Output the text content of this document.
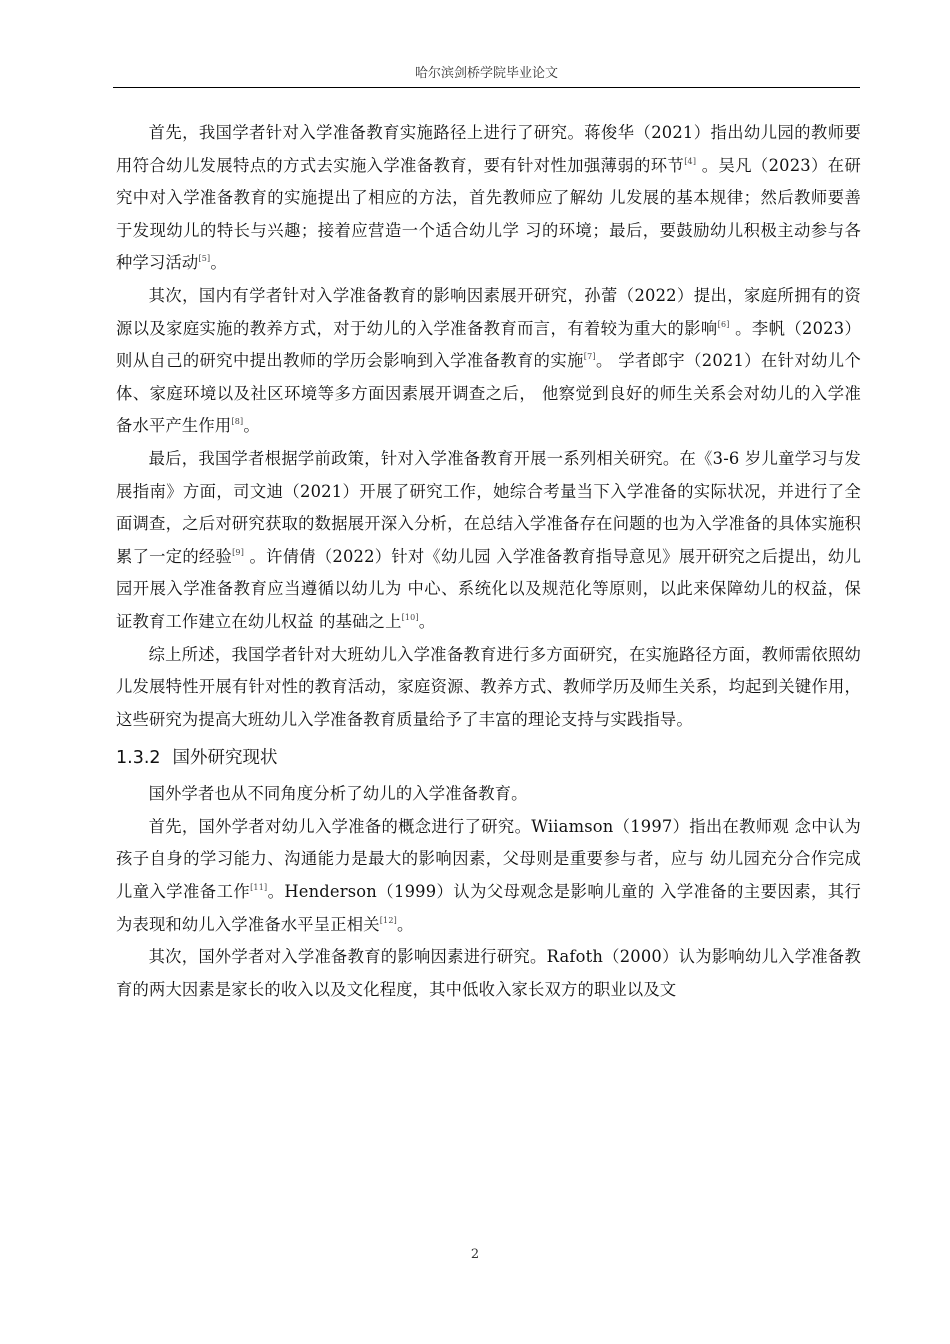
哈尔滨剑桥学院毕业论文

首先，我国学者针对入学准备教育实施路径上进行了研究。蒋俊华（2021）指出幼儿园的教师要用符合幼儿发展特点的方式去实施入学准备教育，要有针对性加强薄弱的环节[4] 。吴凡（2023）在研究中对入学准备教育的实施提出了相应的方法，首先教师应了解幼 儿发展的基本规律；然后教师要善于发现幼儿的特长与兴趣；接着应营造一个适合幼儿学 习的环境；最后，要鼓励幼儿积极主动参与各种学习活动[5]。

其次，国内有学者针对入学准备教育的影响因素展开研究，孙蕾（2022）提出，家庭所拥有的资源以及家庭实施的教养方式，对于幼儿的入学准备教育而言，有着较为重大的影响[6] 。李帆（2023）则从自己的研究中提出教师的学历会影响到入学准备教育的实施[7]。 学者郎宇（2021）在针对幼儿个体、家庭环境以及社区环境等多方面因素展开调查之后， 他察觉到良好的师生关系会对幼儿的入学准备水平产生作用[8]。

最后，我国学者根据学前政策，针对入学准备教育开展一系列相关研究。在《3-6 岁儿童学习与发展指南》方面，司文迪（2021）开展了研究工作，她综合考量当下入学准备的实际状况，并进行了全面调查，之后对研究获取的数据展开深入分析，在总结入学准备存在问题的也为入学准备的具体实施积累了一定的经验[9] 。许倩倩（2022）针对《幼儿园 入学准备教育指导意见》展开研究之后提出，幼儿园开展入学准备教育应当遵循以幼儿为 中心、系统化以及规范化等原则，以此来保障幼儿的权益，保证教育工作建立在幼儿权益 的基础之上[10]。

综上所述，我国学者针对大班幼儿入学准备教育进行多方面研究，在实施路径方面，教师需依照幼儿发展特性开展有针对性的教育活动，家庭资源、教养方式、教师学历及师生关系，均起到关键作用，这些研究为提高大班幼儿入学准备教育质量给予了丰富的理论支持与实践指导。

1.3.2 国外研究现状

国外学者也从不同角度分析了幼儿的入学准备教育。

首先，国外学者对幼儿入学准备的概念进行了研究。Wiiamson（1997）指出在教师观 念中认为孩子自身的学习能力、沟通能力是最大的影响因素，父母则是重要参与者，应与 幼儿园充分合作完成儿童入学准备工作[11]。Henderson（1999）认为父母观念是影响儿童的 入学准备的主要因素，其行为表现和幼儿入学准备水平呈正相关[12]。

其次，国外学者对入学准备教育的影响因素进行研究。Rafoth（2000）认为影响幼儿入学准备教育的两大因素是家长的收入以及文化程度，其中低收入家长双方的职业以及文

2
